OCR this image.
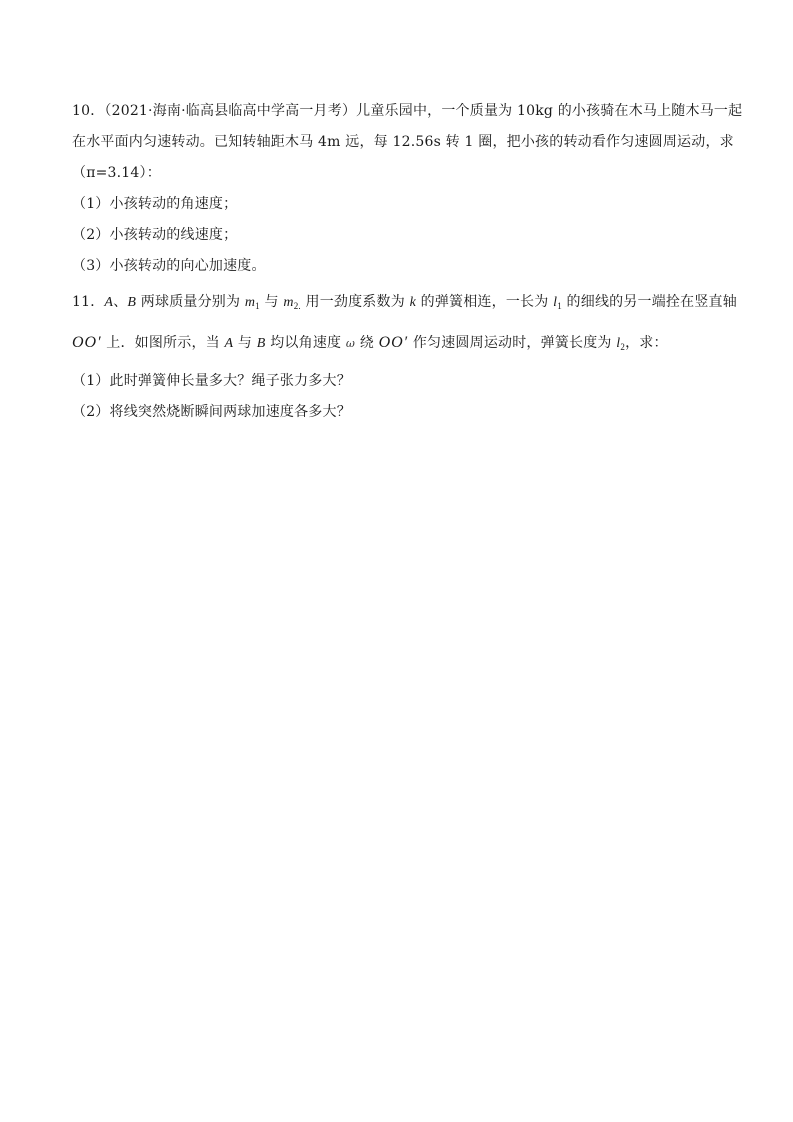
10．（2021·海南·临高县临高中学高一月考）儿童乐园中，一个质量为 10kg 的小孩骑在木马上随木马一起
在水平面内匀速转动。已知转轴距木马 4m 远，每 12.56s 转 1 圈，把小孩的转动看作匀速圆周运动，求
（π=3.14）：
（1）小孩转动的角速度；
（2）小孩转动的线速度；
（3）小孩转动的向心加速度。
11．A、B 两球质量分别为 $m_1$ 与 $m_{2.}$ 用一劲度系数为 k 的弹簧相连，一长为 $l_1$ 的细线的另一端拴在竖直轴
OO′ 上．如图所示，当 A 与 B 均以角速度 ω 绕 OO′ 作匀速圆周运动时，弹簧长度为 $l_2$，求：
（1）此时弹簧伸长量多大？绳子张力多大？
（2）将线突然烧断瞬间两球加速度各多大？
